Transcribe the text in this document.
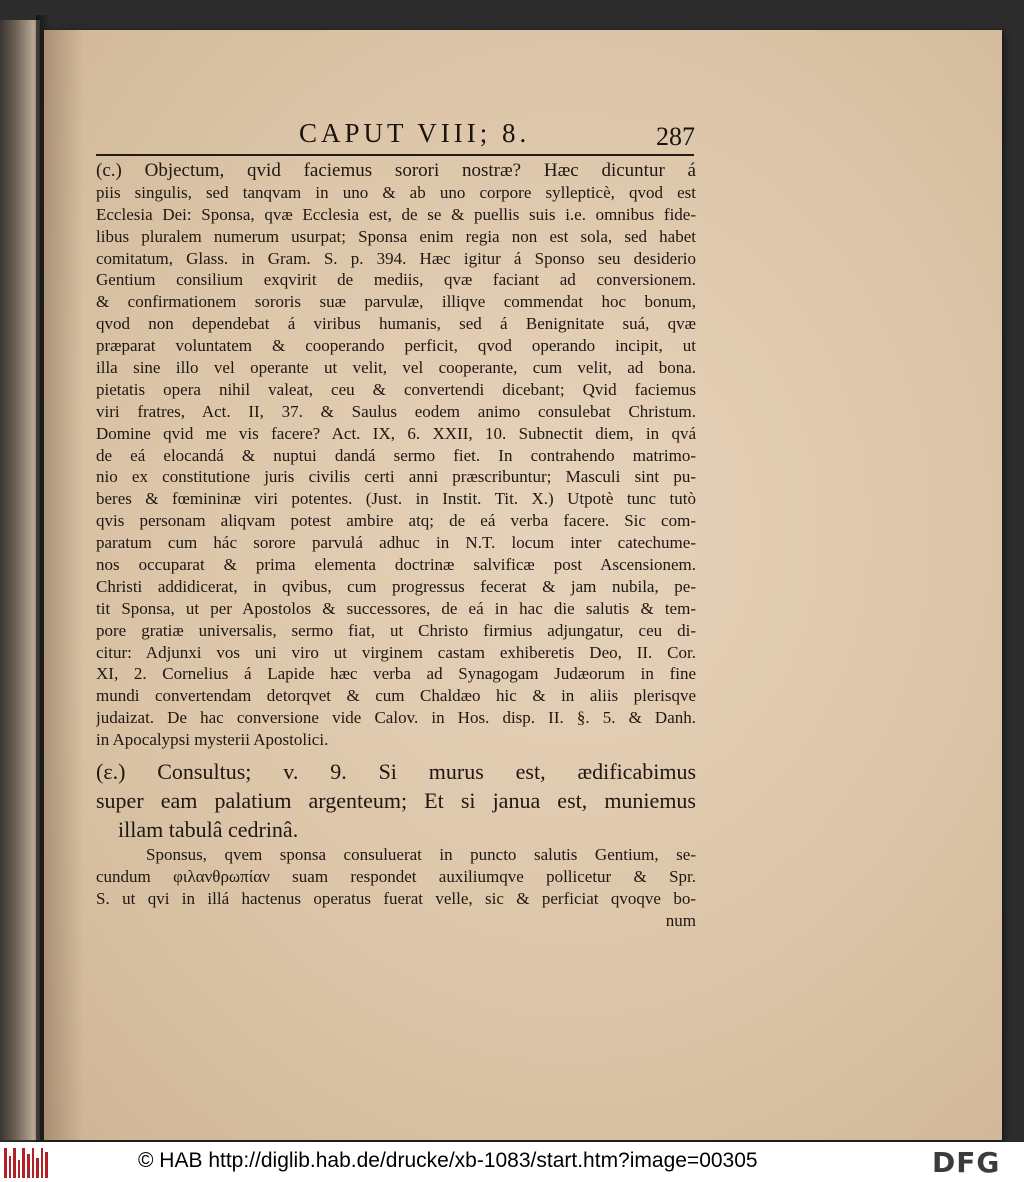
CAPUT VIII; 8.	287
(c.) Objectum, qvid faciemus sorori nostræ? Hæc dicuntur á
piis singulis, sed tanqvam in uno & ab uno corpore syllepticè, qvod est
Ecclesia Dei: Sponsa, qvæ Ecclesia est, de se & puellis suis i.e. omnibus fide-
libus pluralem numerum usurpat; Sponsa enim regia non est sola, sed habet
comitatum, Glass. in Gram. S. p. 394. Hæc igitur á Sponso seu desiderio
Gentium consilium exqvirit de mediis, qvæ faciant ad conversionem.
& confirmationem sororis suæ parvulæ, illiqve commendat hoc bonum,
qvod non dependebat á viribus humanis, sed á Benignitate suá, qvæ
præparat voluntatem & cooperando perficit, qvod operando incipit, ut
illa sine illo vel operante ut velit, vel cooperante, cum velit, ad bona.
pietatis opera nihil valeat, ceu & convertendi dicebant; Qvid faciemus
viri fratres, Act. II, 37. & Saulus eodem animo consulebat Christum.
Domine qvid me vis facere? Act. IX, 6. XXII, 10. Subnectit diem, in qvá
de eá elocandá & nuptui dandá sermo fiet. In contrahendo matrimo-
nio ex constitutione juris civilis certi anni præscribuntur; Masculi sint pu-
beres & fœmininæ viri potentes. (Just. in Instit. Tit. X.) Utpotè tunc tutò
qvis personam aliqvam potest ambire atq; de eá verba facere. Sic com-
paratum cum hác sorore parvulá adhuc in N.T. locum inter catechume-
nos occuparat & prima elementa doctrinæ salvificæ post Ascensionem.
Christi addidicerat, in qvibus, cum progressus fecerat & jam nubila, pe-
tit Sponsa, ut per Apostolos & successores, de eá in hac die salutis & tem-
pore gratiæ universalis, sermo fiat, ut Christo firmius adjungatur, ceu di-
citur: Adjunxi vos uni viro ut virginem castam exhiberetis Deo, II. Cor.
XI, 2. Cornelius á Lapide hæc verba ad Synagogam Judæorum in fine
mundi convertendam detorqvet & cum Chaldæo hic & in aliis plerisqve
judaizat. De hac conversione vide Calov. in Hos. disp. II. §. 5. & Danh.
in Apocalypsi mysterii Apostolici.
(ε.) Consultus; v. 9. Si murus est, ædificabimus
super eam palatium argenteum; Et si janua est, muniemus
illam tabulâ cedrinâ.
Sponsus, qvem sponsa consuluerat in puncto salutis Gentium, se-
cundum φιλανθρωπίαν suam respondet auxiliumqve pollicetur & Spr.
S. ut qvi in illá hactenus operatus fuerat velle, sic & perficiat qvoqve bo-
num
© HAB http://diglib.hab.de/drucke/xb-1083/start.htm?image=00305	DFG
